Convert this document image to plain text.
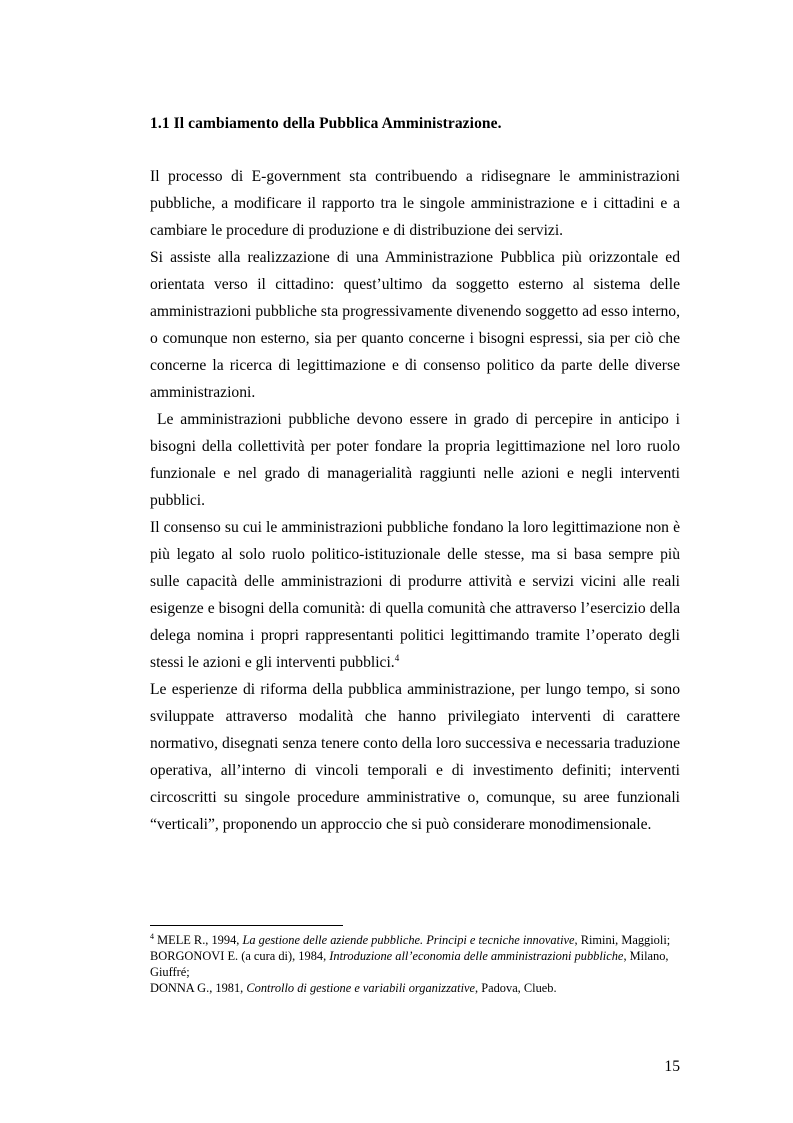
1.1 Il cambiamento della Pubblica Amministrazione.

Il processo di E-government sta contribuendo a ridisegnare le amministrazioni pubbliche, a modificare il rapporto tra le singole amministrazione e i cittadini e a cambiare le procedure di produzione e di distribuzione dei servizi.

Si assiste alla realizzazione di una Amministrazione Pubblica più orizzontale ed orientata verso il cittadino: quest’ultimo da soggetto esterno al sistema delle amministrazioni pubbliche sta progressivamente divenendo soggetto ad esso interno, o comunque non esterno, sia per quanto concerne i bisogni espressi, sia per ciò che concerne la ricerca di legittimazione e di consenso politico da parte delle diverse amministrazioni.

Le amministrazioni pubbliche devono essere in grado di percepire in anticipo i bisogni della collettività per poter fondare la propria legittimazione nel loro ruolo funzionale e nel grado di managerialità raggiunti nelle azioni e negli interventi pubblici.

Il consenso su cui le amministrazioni pubbliche fondano la loro legittimazione non è più legato al solo ruolo politico-istituzionale delle stesse, ma si basa sempre più sulle capacità delle amministrazioni di produrre attività e servizi vicini alle reali esigenze e bisogni della comunità: di quella comunità che attraverso l’esercizio della delega nomina i propri rappresentanti politici legittimando tramite l’operato degli stessi le azioni e gli interventi pubblici.$^4$

Le esperienze di riforma della pubblica amministrazione, per lungo tempo, si sono sviluppate attraverso modalità che hanno privilegiato interventi di carattere normativo, disegnati senza tenere conto della loro successiva e necessaria traduzione operativa, all’interno di vincoli temporali e di investimento definiti; interventi circoscritti su singole procedure amministrative o, comunque, su aree funzionali “verticali”, proponendo un approccio che si può considerare monodimensionale.

$^4$ MELE R., 1994, La gestione delle aziende pubbliche. Principi e tecniche innovative, Rimini, Maggioli;

BORGONOVI E. (a cura di), 1984, Introduzione all’economia delle amministrazioni pubbliche, Milano, Giuffré;

DONNA G., 1981, Controllo di gestione e variabili organizzative, Padova, Clueb.

15
